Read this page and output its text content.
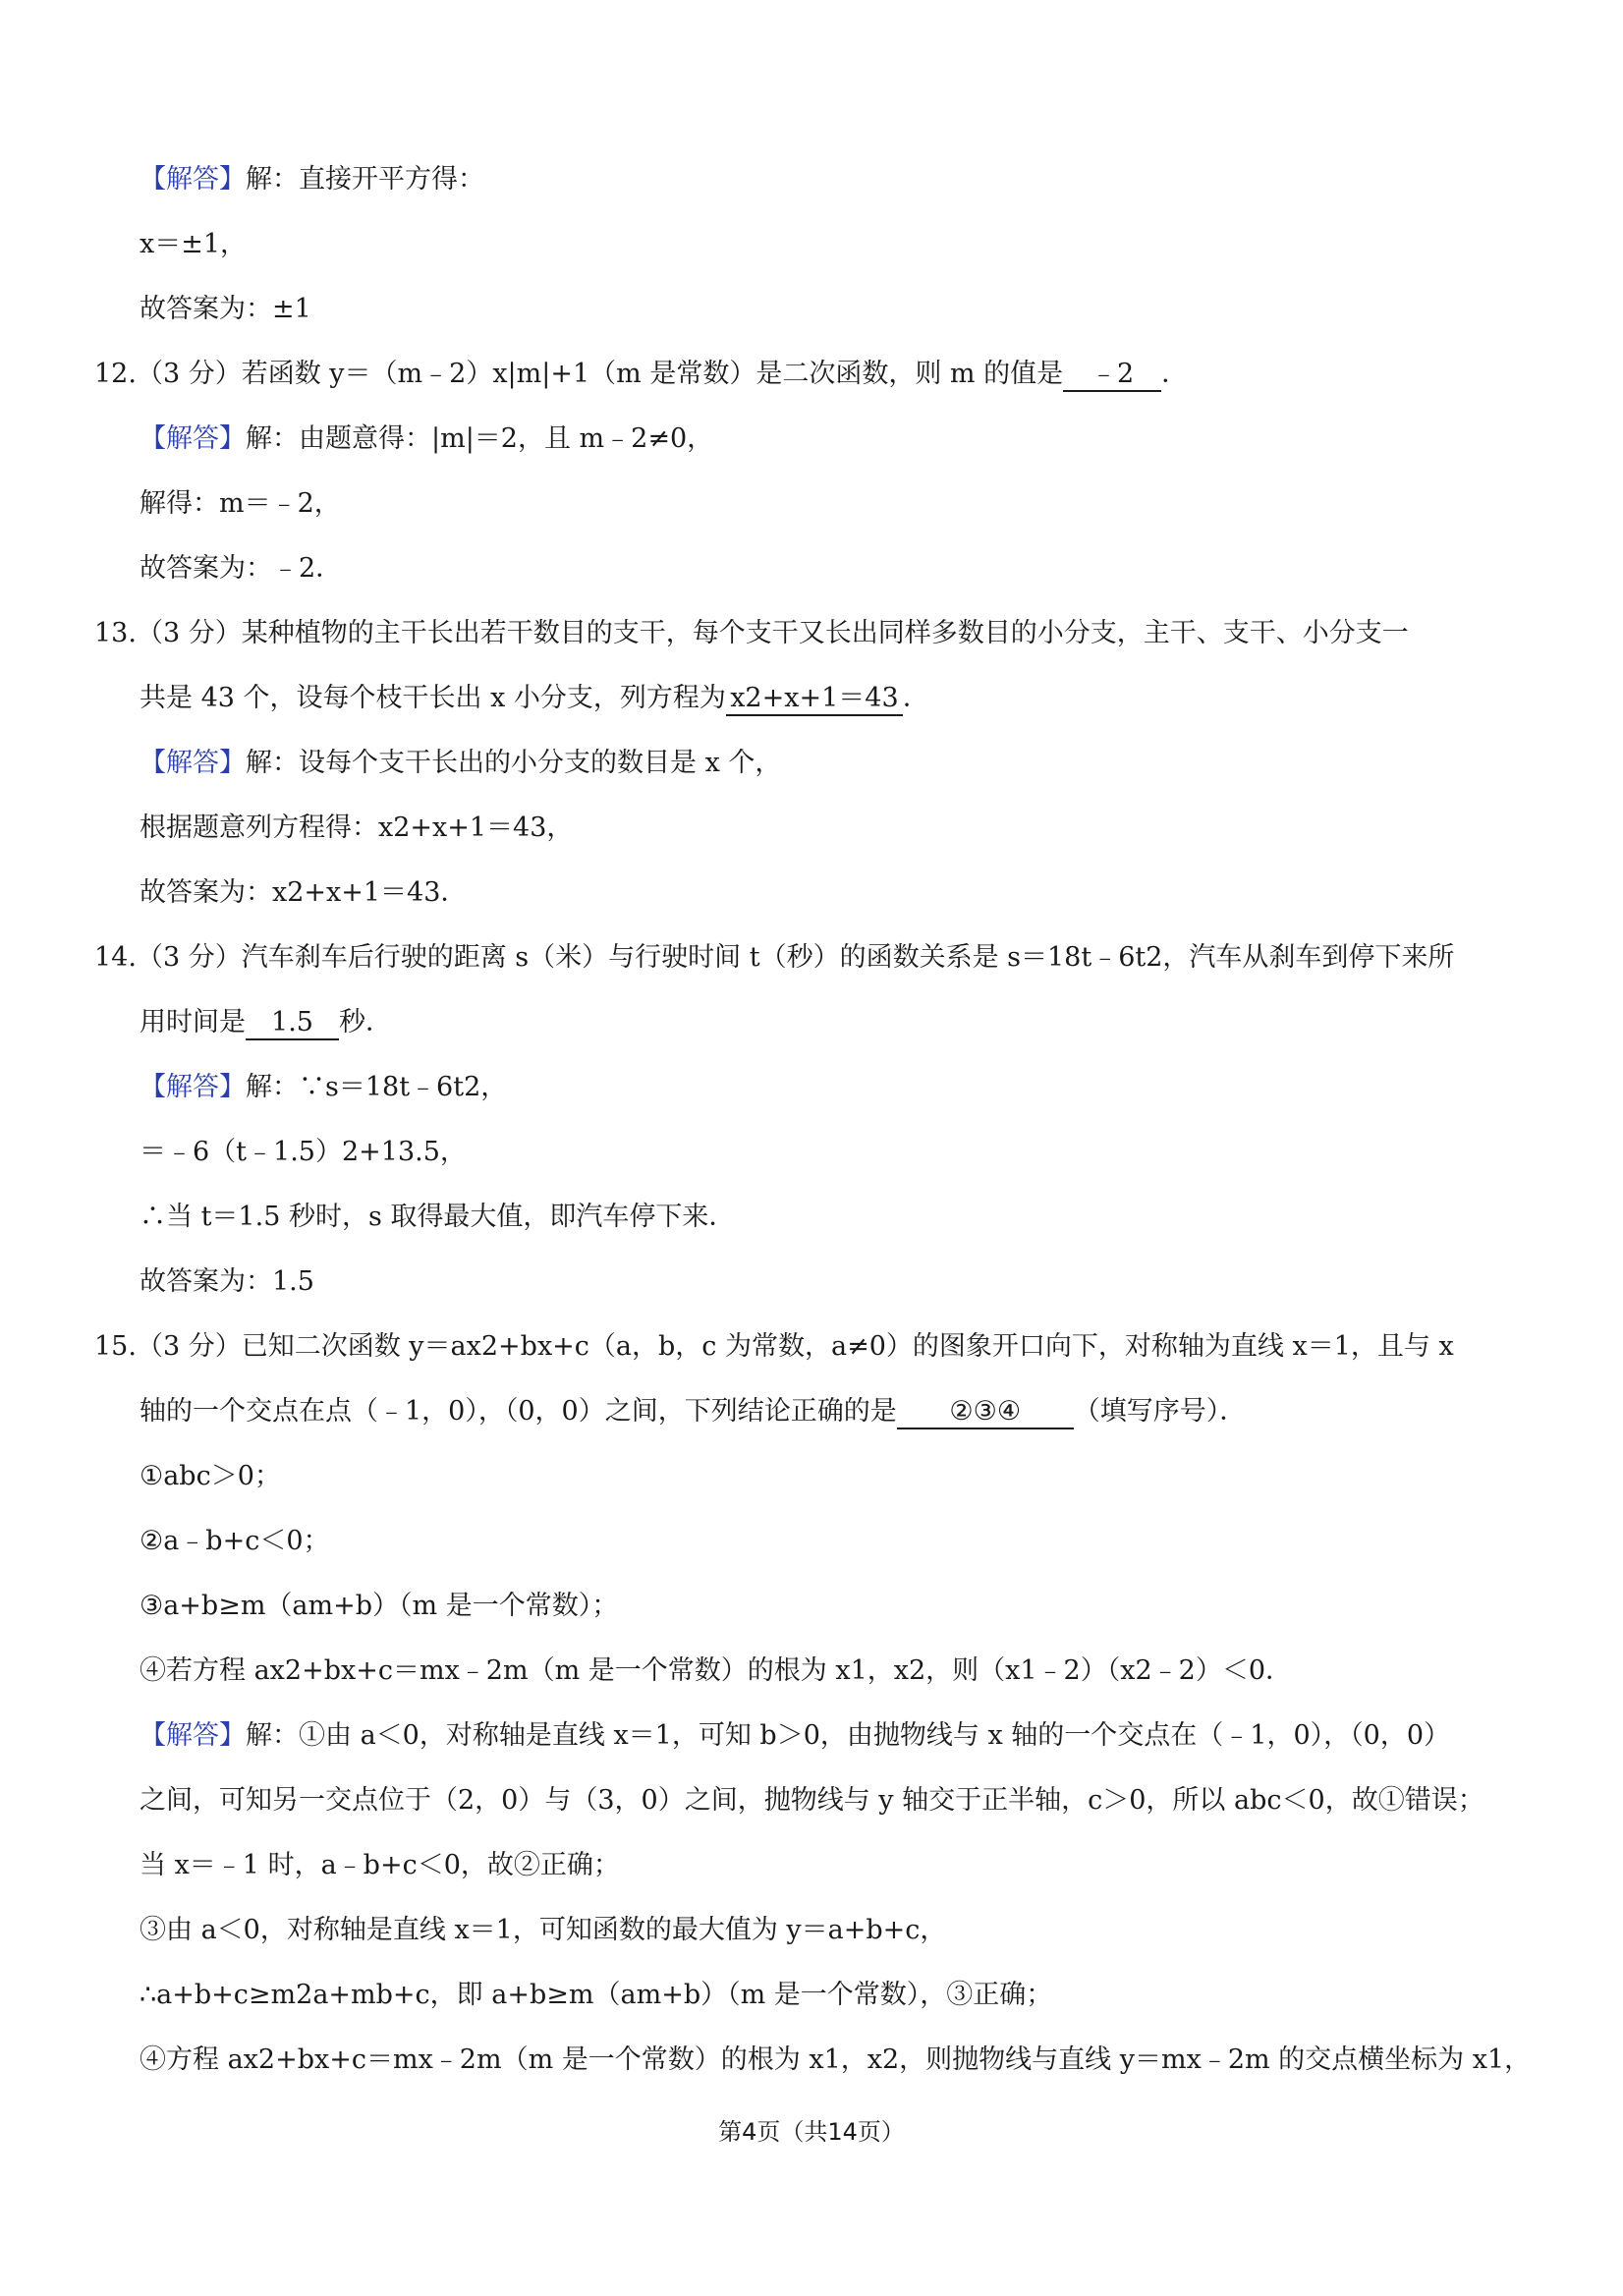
【解答】解：直接开平方得：
x＝±1，
故答案为：±1
12.（3 分）若函数 y＝（m﹣2）x|m|+1（m 是常数）是二次函数，则 m 的值是 ﹣2 ．
【解答】解：由题意得：|m|＝2，且 m﹣2≠0，
解得：m＝﹣2，
故答案为：﹣2．
13.（3 分）某种植物的主干长出若干数目的支干，每个支干又长出同样多数目的小分支，主干、支干、小分支一
共是 43 个，设每个枝干长出 x 小分支，列方程为 x2+x+1＝43 ．
【解答】解：设每个支干长出的小分支的数目是 x 个，
根据题意列方程得：x2+x+1＝43，
故答案为：x2+x+1＝43．
14.（3 分）汽车刹车后行驶的距离 s（米）与行驶时间 t（秒）的函数关系是 s＝18t﹣6t2，汽车从刹车到停下来所
用时间是 1.5 秒．
【解答】解：∵s＝18t﹣6t2，
＝﹣6（t﹣1.5）2+13.5，
∴当 t＝1.5 秒时，s 取得最大值，即汽车停下来．
故答案为：1.5
15.（3 分）已知二次函数 y＝ax2+bx+c（a，b，c 为常数，a≠0）的图象开口向下，对称轴为直线 x＝1，且与 x
轴的一个交点在点（﹣1，0），（0，0）之间，下列结论正确的是 ②③④ （填写序号）．
①abc＞0；
②a﹣b+c＜0；
③a+b≥m（am+b）（m 是一个常数）；
④若方程 ax2+bx+c＝mx﹣2m（m 是一个常数）的根为 x1，x2，则（x1﹣2）（x2﹣2）＜0．
【解答】解：①由 a＜0，对称轴是直线 x＝1，可知 b＞0，由抛物线与 x 轴的一个交点在（﹣1，0），（0，0）
之间，可知另一交点位于（2，0）与（3，0）之间，抛物线与 y 轴交于正半轴，c＞0，所以 abc＜0，故①错误；
当 x＝﹣1 时，a﹣b+c＜0，故②正确；
③由 a＜0，对称轴是直线 x＝1，可知函数的最大值为 y＝a+b+c，
∴a+b+c≥m2a+mb+c，即 a+b≥m（am+b）（m 是一个常数），③正确；
④方程 ax2+bx+c＝mx﹣2m（m 是一个常数）的根为 x1，x2，则抛物线与直线 y＝mx﹣2m 的交点横坐标为 x1，
第4页（共14页）
